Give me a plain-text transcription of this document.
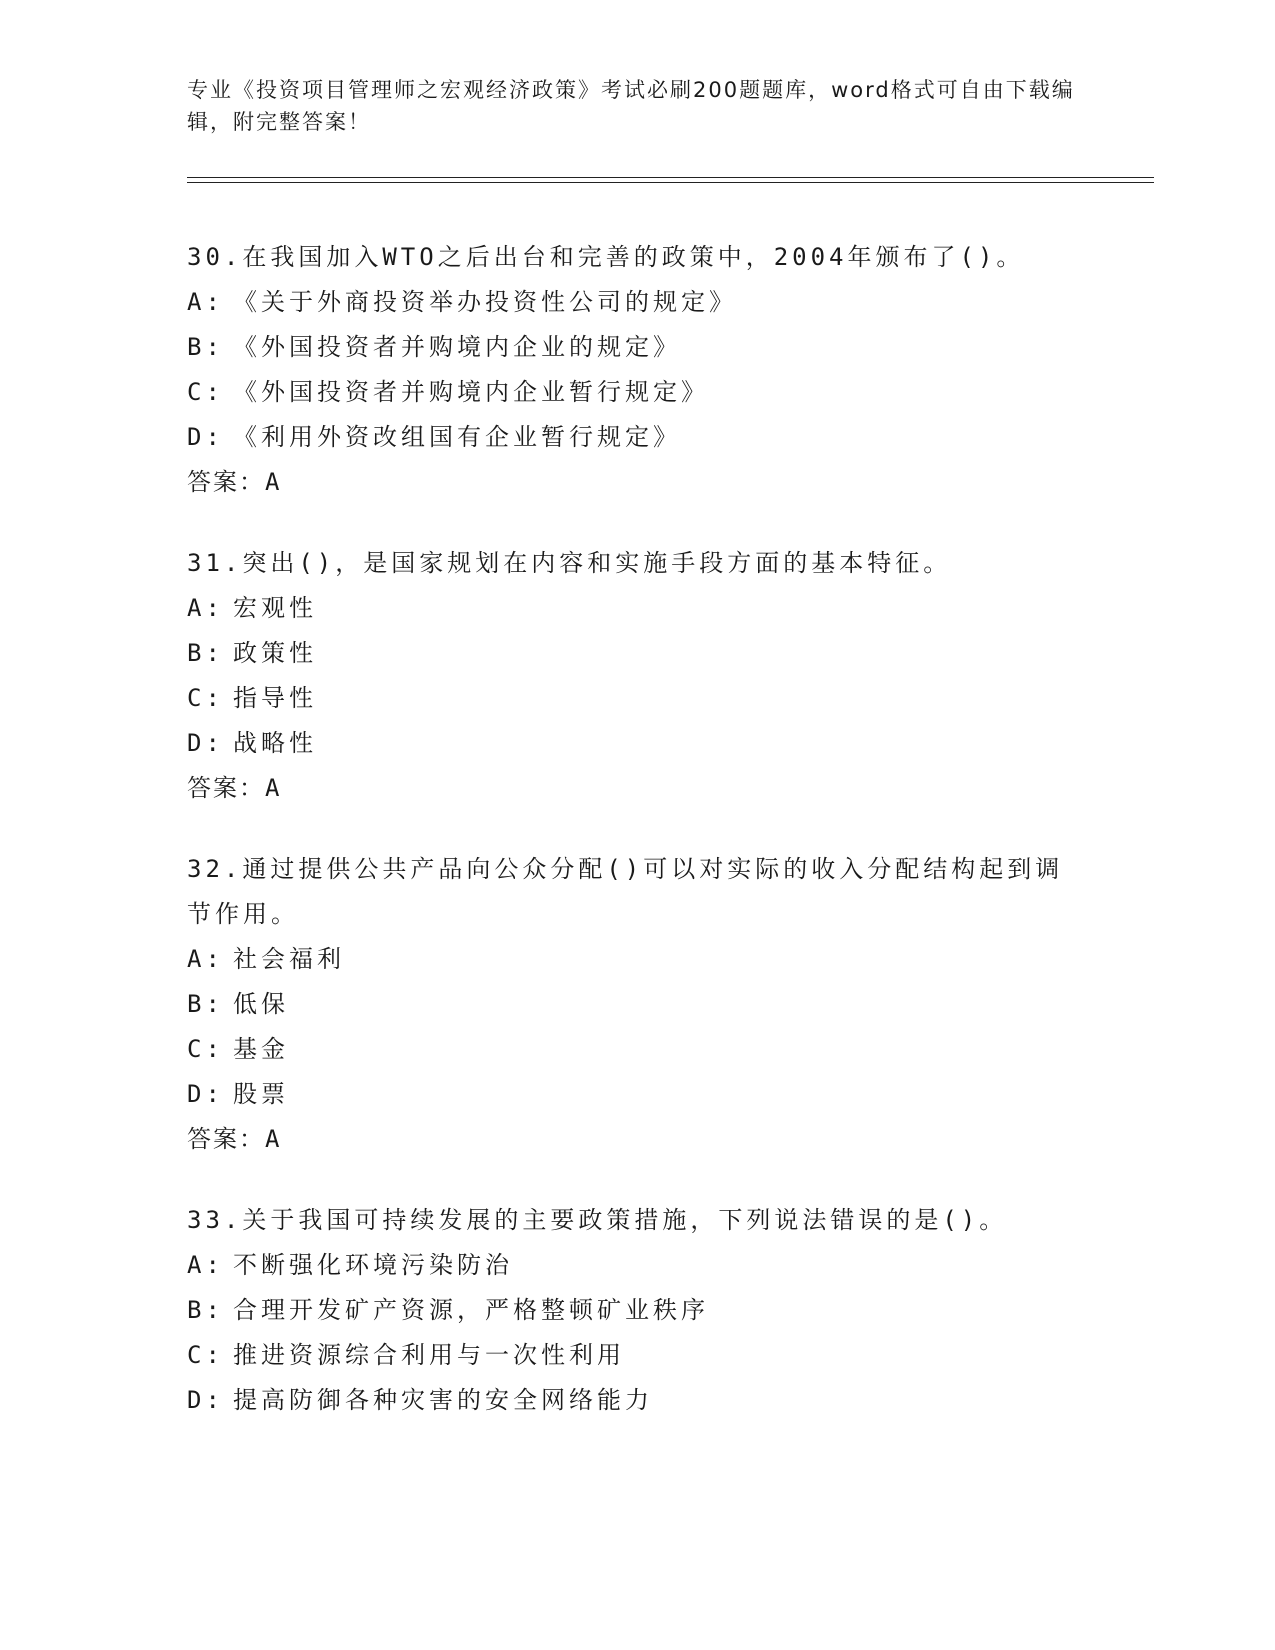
专业《投资项目管理师之宏观经济政策》考试必刷200题题库，word格式可自由下载编辑，附完整答案！
30.在我国加入WTO之后出台和完善的政策中，2004年颁布了()。
A: 《关于外商投资举办投资性公司的规定》
B: 《外国投资者并购境内企业的规定》
C: 《外国投资者并购境内企业暂行规定》
D: 《利用外资改组国有企业暂行规定》
答案：A
31.突出()，是国家规划在内容和实施手段方面的基本特征。
A: 宏观性
B: 政策性
C: 指导性
D: 战略性
答案：A
32.通过提供公共产品向公众分配()可以对实际的收入分配结构起到调节作用。
A: 社会福利
B: 低保
C: 基金
D: 股票
答案：A
33.关于我国可持续发展的主要政策措施，下列说法错误的是()。
A: 不断强化环境污染防治
B: 合理开发矿产资源，严格整顿矿业秩序
C: 推进资源综合利用与一次性利用
D: 提高防御各种灾害的安全网络能力
